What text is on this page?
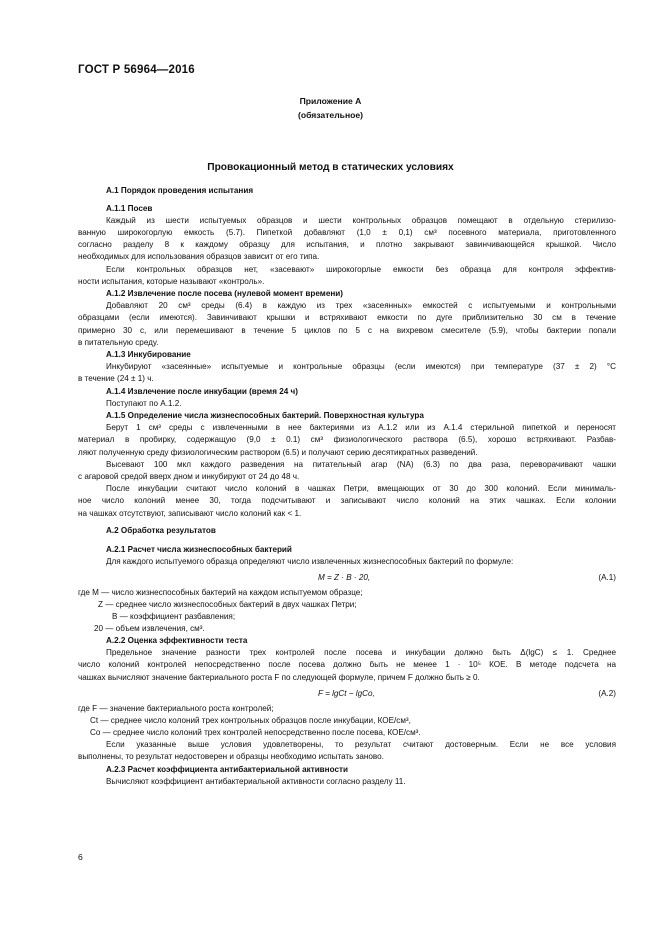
ГОСТ Р 56964—2016
Приложение А
(обязательное)
Провокационный метод в статических условиях
А.1 Порядок проведения испытания
А.1.1 Посев
Каждый из шести испытуемых образцов и шести контрольных образцов помещают в отдельную стерилизо-
ванную широкогорлую емкость (5.7). Пипеткой добавляют (1,0 ± 0,1) см³ посевного материала, приготовленного
согласно разделу 8 к каждому образцу для испытания, и плотно закрывают завинчивающейся крышкой. Число
необходимых для использования образцов зависит от его типа.
Если контрольных образцов нет, «засевают» широкогорлые емкости без образца для контроля эффектив-
ности испытания, которые называют «контроль».
А.1.2 Извлечение после посева (нулевой момент времени)
Добавляют 20 см³ среды (6.4) в каждую из трех «засеянных» емкостей с испытуемыми и контрольными
образцами (если имеются). Завинчивают крышки и встряхивают емкости по дуге приблизительно 30 см в течение
примерно 30 с, или перемешивают в течение 5 циклов по 5 с на вихревом смесителе (5.9), чтобы бактерии попали
в питательную среду.
А.1.3 Инкубирование
Инкубируют «засеянные» испытуемые и контрольные образцы (если имеются) при температуре (37 ± 2) °С
в течение (24 ± 1) ч.
А.1.4 Извлечение после инкубации (время 24 ч)
Поступают по А.1.2.
А.1.5 Определение числа жизнеспособных бактерий. Поверхностная культура
Берут 1 см³ среды с извлеченными в нее бактериями из А.1.2 или из А.1.4 стерильной пипеткой и переносят
материал в пробирку, содержащую (9,0 ± 0.1) см³ физиологического раствора (6.5), хорошо встряхивают. Разбав-
ляют полученную среду физиологическим раствором (6.5) и получают серию десятикратных разведений.
Высевают 100 мкл каждого разведения на питательный агар (NA) (6.3) по два раза, переворачивают чашки
с агаровой средой вверх дном и инкубируют от 24 до 48 ч.
После инкубации считают число колоний в чашках Петри, вмещающих от 30 до 300 колоний. Если минималь-
ное число колоний менее 30, тогда подсчитывают и записывают число колоний на этих чашках. Если колонии
на чашках отсутствуют, записывают число колоний как < 1.
А.2 Обработка результатов
А.2.1 Расчет числа жизнеспособных бактерий
Для каждого испытуемого образца определяют число извлеченных жизнеспособных бактерий по формуле:
M = Z · B · 20,	(A.1)
где М — число жизнеспособных бактерий на каждом испытуемом образце;
Z — среднее число жизнеспособных бактерий в двух чашках Петри;
В — коэффициент разбавления;
20 — объем извлечения, см³.
А.2.2 Оценка эффективности теста
Предельное значение разности трех контролей после посева и инкубации должно быть Δ(lgC) ≤ 1. Среднее
число колоний контролей непосредственно после посева должно быть не менее 1 · 10⁵ КОЕ. В методе подсчета на
чашках вычисляют значение бактериального роста F по следующей формуле, причем F должно быть ≥ 0.
F = lgCt − lgCo,	(A.2)
где F — значение бактериального роста контролей;
Ct — среднее число колоний трех контрольных образцов после инкубации, КОЕ/см³,
Co — среднее число колоний трех контролей непосредственно после посева, КОЕ/см³.
Если указанные выше условия удовлетворены, то результат считают достоверным. Если не все условия
выполнены, то результат недостоверен и образцы необходимо испытать заново.
А.2.3 Расчет коэффициента антибактериальной активности
Вычисляют коэффициент антибактериальной активности согласно разделу 11.
6
